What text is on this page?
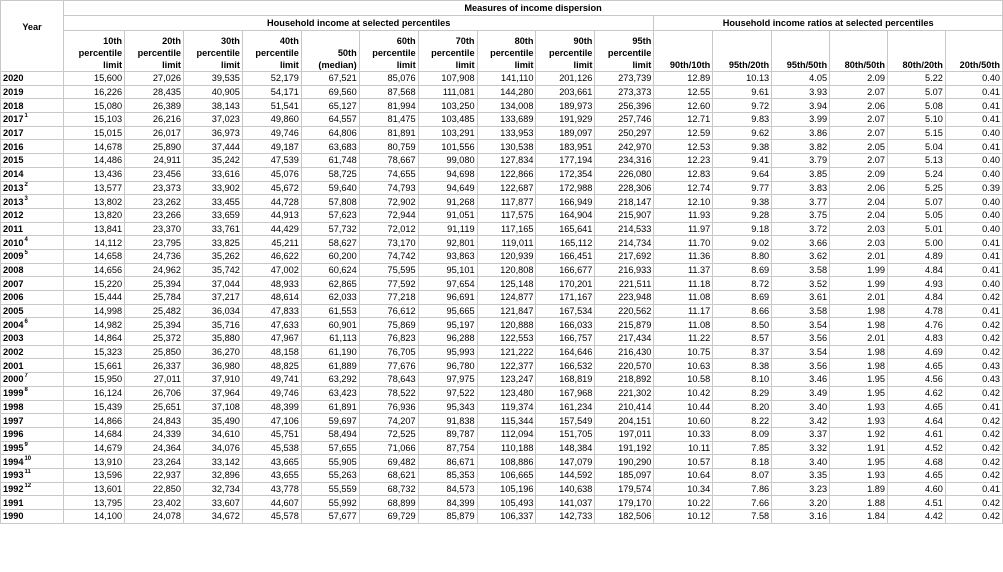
Year	Measures of income dispersion															
	Household income at selected percentiles										Household income ratios at selected percentiles					
	10th percentile limit	20th percentile limit	30th percentile limit	40th percentile limit	50th (median)	60th percentile limit	70th percentile limit	80th percentile limit	90th percentile limit	95th percentile limit	90th/10th	95th/20th	95th/50th	80th/50th	80th/20th	20th/50th
2020	15,600	27,026	39,535	52,179	67,521	85,076	107,908	141,110	201,126	273,739	12.89	10.13	4.05	2.09	5.22	0.40
2019	16,226	28,435	40,905	54,171	69,560	87,568	111,081	144,280	203,661	273,373	12.55	9.61	3.93	2.07	5.07	0.41
2018	15,080	26,389	38,143	51,541	65,127	81,994	103,250	134,008	189,973	256,396	12.60	9.72	3.94	2.06	5.08	0.41
2017$^1$	15,103	26,216	37,023	49,860	64,557	81,475	103,485	133,689	191,929	257,746	12.71	9.83	3.99	2.07	5.10	0.41
2017	15,015	26,017	36,973	49,746	64,806	81,891	103,291	133,953	189,097	250,297	12.59	9.62	3.86	2.07	5.15	0.40
2016	14,678	25,890	37,444	49,187	63,683	80,759	101,556	130,538	183,951	242,970	12.53	9.38	3.82	2.05	5.04	0.41
2015	14,486	24,911	35,242	47,539	61,748	78,667	99,080	127,834	177,194	234,316	12.23	9.41	3.79	2.07	5.13	0.40
2014	13,436	23,456	33,616	45,076	58,725	74,655	94,698	122,866	172,354	226,080	12.83	9.64	3.85	2.09	5.24	0.40
2013$^2$	13,577	23,373	33,902	45,672	59,640	74,793	94,649	122,687	172,988	228,306	12.74	9.77	3.83	2.06	5.25	0.39
2013$^3$	13,802	23,262	33,455	44,728	57,808	72,902	91,268	117,877	166,949	218,147	12.10	9.38	3.77	2.04	5.07	0.40
2012	13,820	23,266	33,659	44,913	57,623	72,944	91,051	117,575	164,904	215,907	11.93	9.28	3.75	2.04	5.05	0.40
2011	13,841	23,370	33,761	44,429	57,732	72,012	91,119	117,165	165,641	214,533	11.97	9.18	3.72	2.03	5.01	0.40
2010$^4$	14,112	23,795	33,825	45,211	58,627	73,170	92,801	119,011	165,112	214,734	11.70	9.02	3.66	2.03	5.00	0.41
2009$^5$	14,658	24,736	35,262	46,622	60,200	74,742	93,863	120,939	166,451	217,692	11.36	8.80	3.62	2.01	4.89	0.41
2008	14,656	24,962	35,742	47,002	60,624	75,595	95,101	120,808	166,677	216,933	11.37	8.69	3.58	1.99	4.84	0.41
2007	15,220	25,394	37,044	48,933	62,865	77,592	97,654	125,148	170,201	221,511	11.18	8.72	3.52	1.99	4.93	0.40
2006	15,444	25,784	37,217	48,614	62,033	77,218	96,691	124,877	171,167	223,948	11.08	8.69	3.61	2.01	4.84	0.42
2005	14,998	25,482	36,034	47,833	61,553	76,612	95,665	121,847	167,534	220,562	11.17	8.66	3.58	1.98	4.78	0.41
2004$^6$	14,982	25,394	35,716	47,633	60,901	75,869	95,197	120,888	166,033	215,879	11.08	8.50	3.54	1.98	4.76	0.42
2003	14,864	25,372	35,880	47,967	61,113	76,823	96,288	122,553	166,757	217,434	11.22	8.57	3.56	2.01	4.83	0.42
2002	15,323	25,850	36,270	48,158	61,190	76,705	95,993	121,222	164,646	216,430	10.75	8.37	3.54	1.98	4.69	0.42
2001	15,661	26,337	36,980	48,825	61,889	77,676	96,780	122,377	166,532	220,570	10.63	8.38	3.56	1.98	4.65	0.43
2000$^7$	15,950	27,011	37,910	49,741	63,292	78,643	97,975	123,247	168,819	218,892	10.58	8.10	3.46	1.95	4.56	0.43
1999$^8$	16,124	26,706	37,964	49,746	63,423	78,522	97,522	123,480	167,968	221,302	10.42	8.29	3.49	1.95	4.62	0.42
1998	15,439	25,651	37,108	48,399	61,891	76,936	95,343	119,374	161,234	210,414	10.44	8.20	3.40	1.93	4.65	0.41
1997	14,866	24,843	35,490	47,106	59,697	74,207	91,838	115,344	157,549	204,151	10.60	8.22	3.42	1.93	4.64	0.42
1996	14,684	24,339	34,610	45,751	58,494	72,525	89,787	112,094	151,705	197,011	10.33	8.09	3.37	1.92	4.61	0.42
1995$^9$	14,679	24,364	34,076	45,538	57,655	71,066	87,754	110,188	148,384	191,192	10.11	7.85	3.32	1.91	4.52	0.42
1994$^{10}$	13,910	23,264	33,142	43,665	55,905	69,482	86,671	108,886	147,079	190,290	10.57	8.18	3.40	1.95	4.68	0.42
1993$^{11}$	13,596	22,937	32,896	43,655	55,263	68,621	85,353	106,665	144,592	185,097	10.64	8.07	3.35	1.93	4.65	0.42
1992$^{12}$	13,601	22,850	32,734	43,778	55,559	68,732	84,573	105,196	140,638	179,574	10.34	7.86	3.23	1.89	4.60	0.41
1991	13,795	23,402	33,607	44,607	55,992	68,899	84,399	105,493	141,037	179,170	10.22	7.66	3.20	1.88	4.51	0.42
1990	14,100	24,078	34,672	45,578	57,677	69,729	85,879	106,337	142,733	182,506	10.12	7.58	3.16	1.84	4.42	0.42
